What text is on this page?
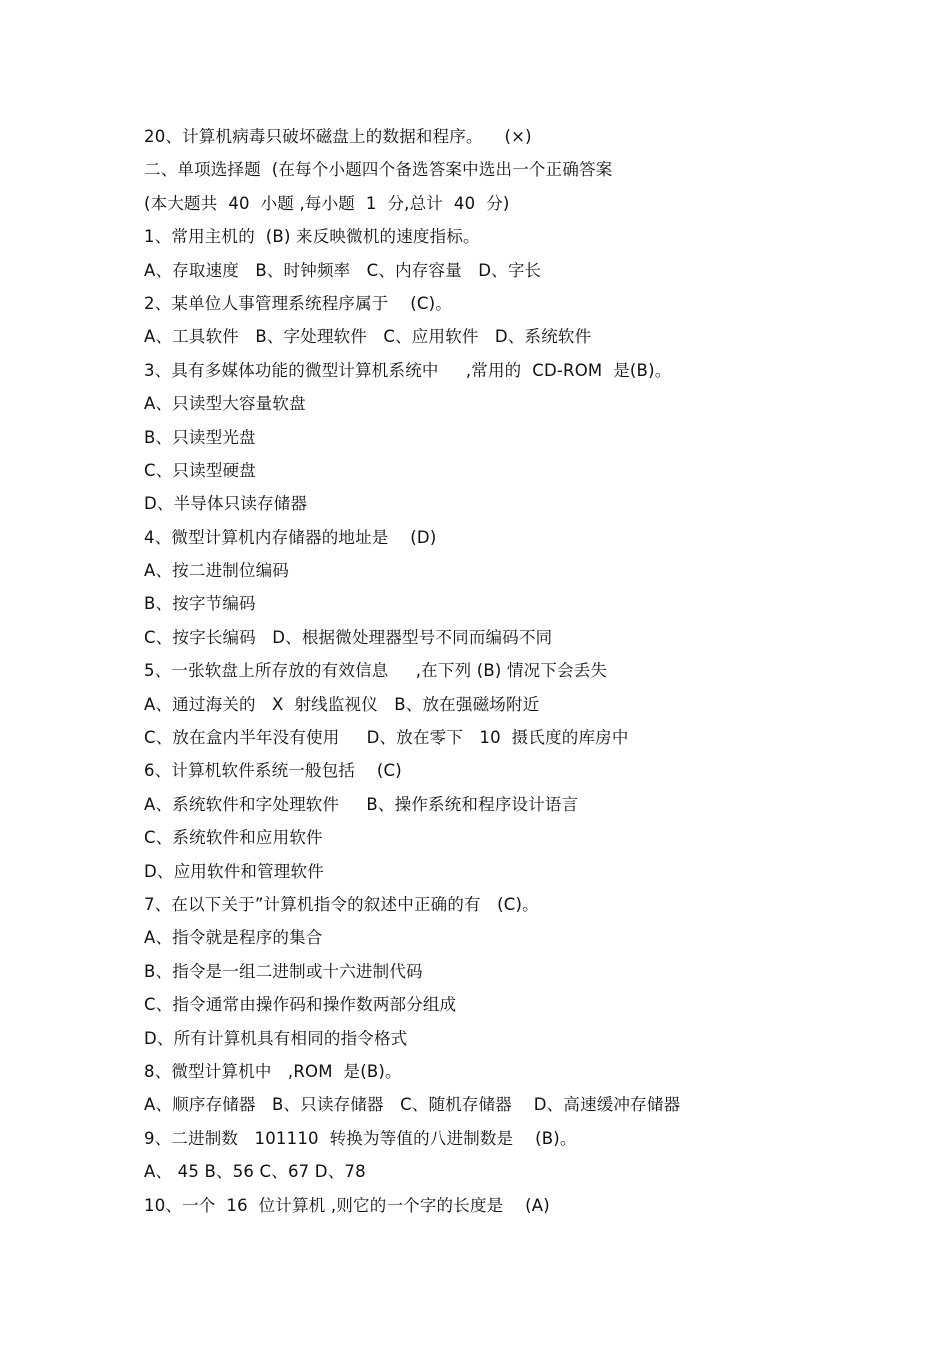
20、计算机病毒只破坏磁盘上的数据和程序。    (×)
二、单项选择题  (在每个小题四个备选答案中选出一个正确答案
(本大题共  40  小题 ,每小题  1  分,总计  40  分)
1、常用主机的  (B) 来反映微机的速度指标。
A、存取速度   B、时钟频率   C、内存容量   D、字长
2、某单位人事管理系统程序属于    (C)。
A、工具软件   B、字处理软件   C、应用软件   D、系统软件
3、具有多媒体功能的微型计算机系统中     ,常用的  CD-ROM  是(B)。
A、只读型大容量软盘
B、只读型光盘
C、只读型硬盘
D、半导体只读存储器
4、微型计算机内存储器的地址是    (D)
A、按二进制位编码
B、按字节编码
C、按字长编码   D、根据微处理器型号不同而编码不同
5、一张软盘上所存放的有效信息     ,在下列 (B) 情况下会丢失
A、通过海关的   X  射线监视仪   B、放在强磁场附近
C、放在盒内半年没有使用     D、放在零下   10  摄氏度的库房中
6、计算机软件系统一般包括    (C)
A、系统软件和字处理软件     B、操作系统和程序设计语言
C、系统软件和应用软件
D、应用软件和管理软件
7、在以下关于”计算机指令的叙述中正确的有   (C)。
A、指令就是程序的集合
B、指令是一组二进制或十六进制代码
C、指令通常由操作码和操作数两部分组成
D、所有计算机具有相同的指令格式
8、微型计算机中   ,ROM  是(B)。
A、顺序存储器   B、只读存储器   C、随机存储器    D、高速缓冲存储器
9、二进制数   101110  转换为等值的八进制数是    (B)。
A、 45 B、56 C、67 D、78
10、一个  16  位计算机 ,则它的一个字的长度是    (A)
